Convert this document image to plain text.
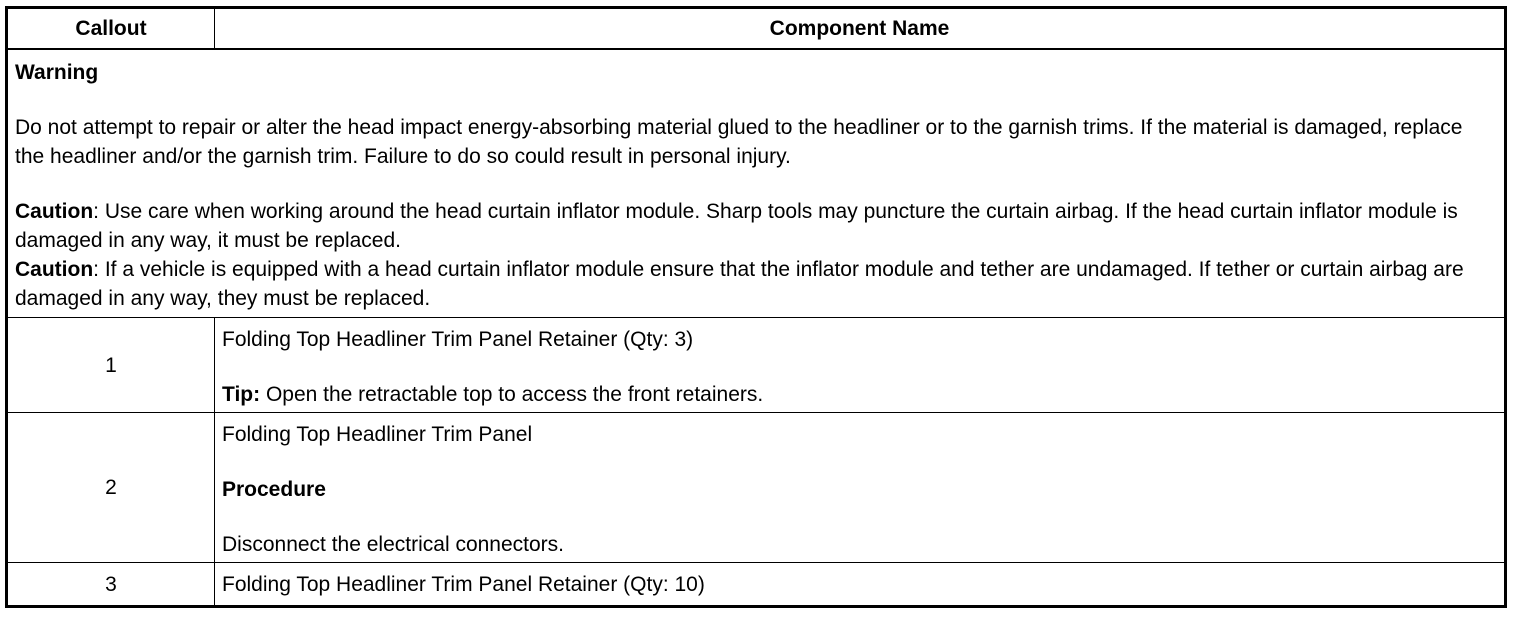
Callout	Component Name

Warning

Do not attempt to repair or alter the head impact energy-absorbing material glued to the headliner or to the garnish trims. If the material is damaged, replace the headliner and/or the garnish trim. Failure to do so could result in personal injury.

Caution: Use care when working around the head curtain inflator module. Sharp tools may puncture the curtain airbag. If the head curtain inflator module is damaged in any way, it must be replaced.

Caution: If a vehicle is equipped with a head curtain inflator module ensure that the inflator module and tether are undamaged. If tether or curtain airbag are damaged in any way, they must be replaced.	

1	Folding Top Headliner Trim Panel Retainer (Qty: 3)

Tip: Open the retractable top to access the front retainers.

2	Folding Top Headliner Trim Panel

Procedure

Disconnect the electrical connectors.

3	Folding Top Headliner Trim Panel Retainer (Qty: 10)
